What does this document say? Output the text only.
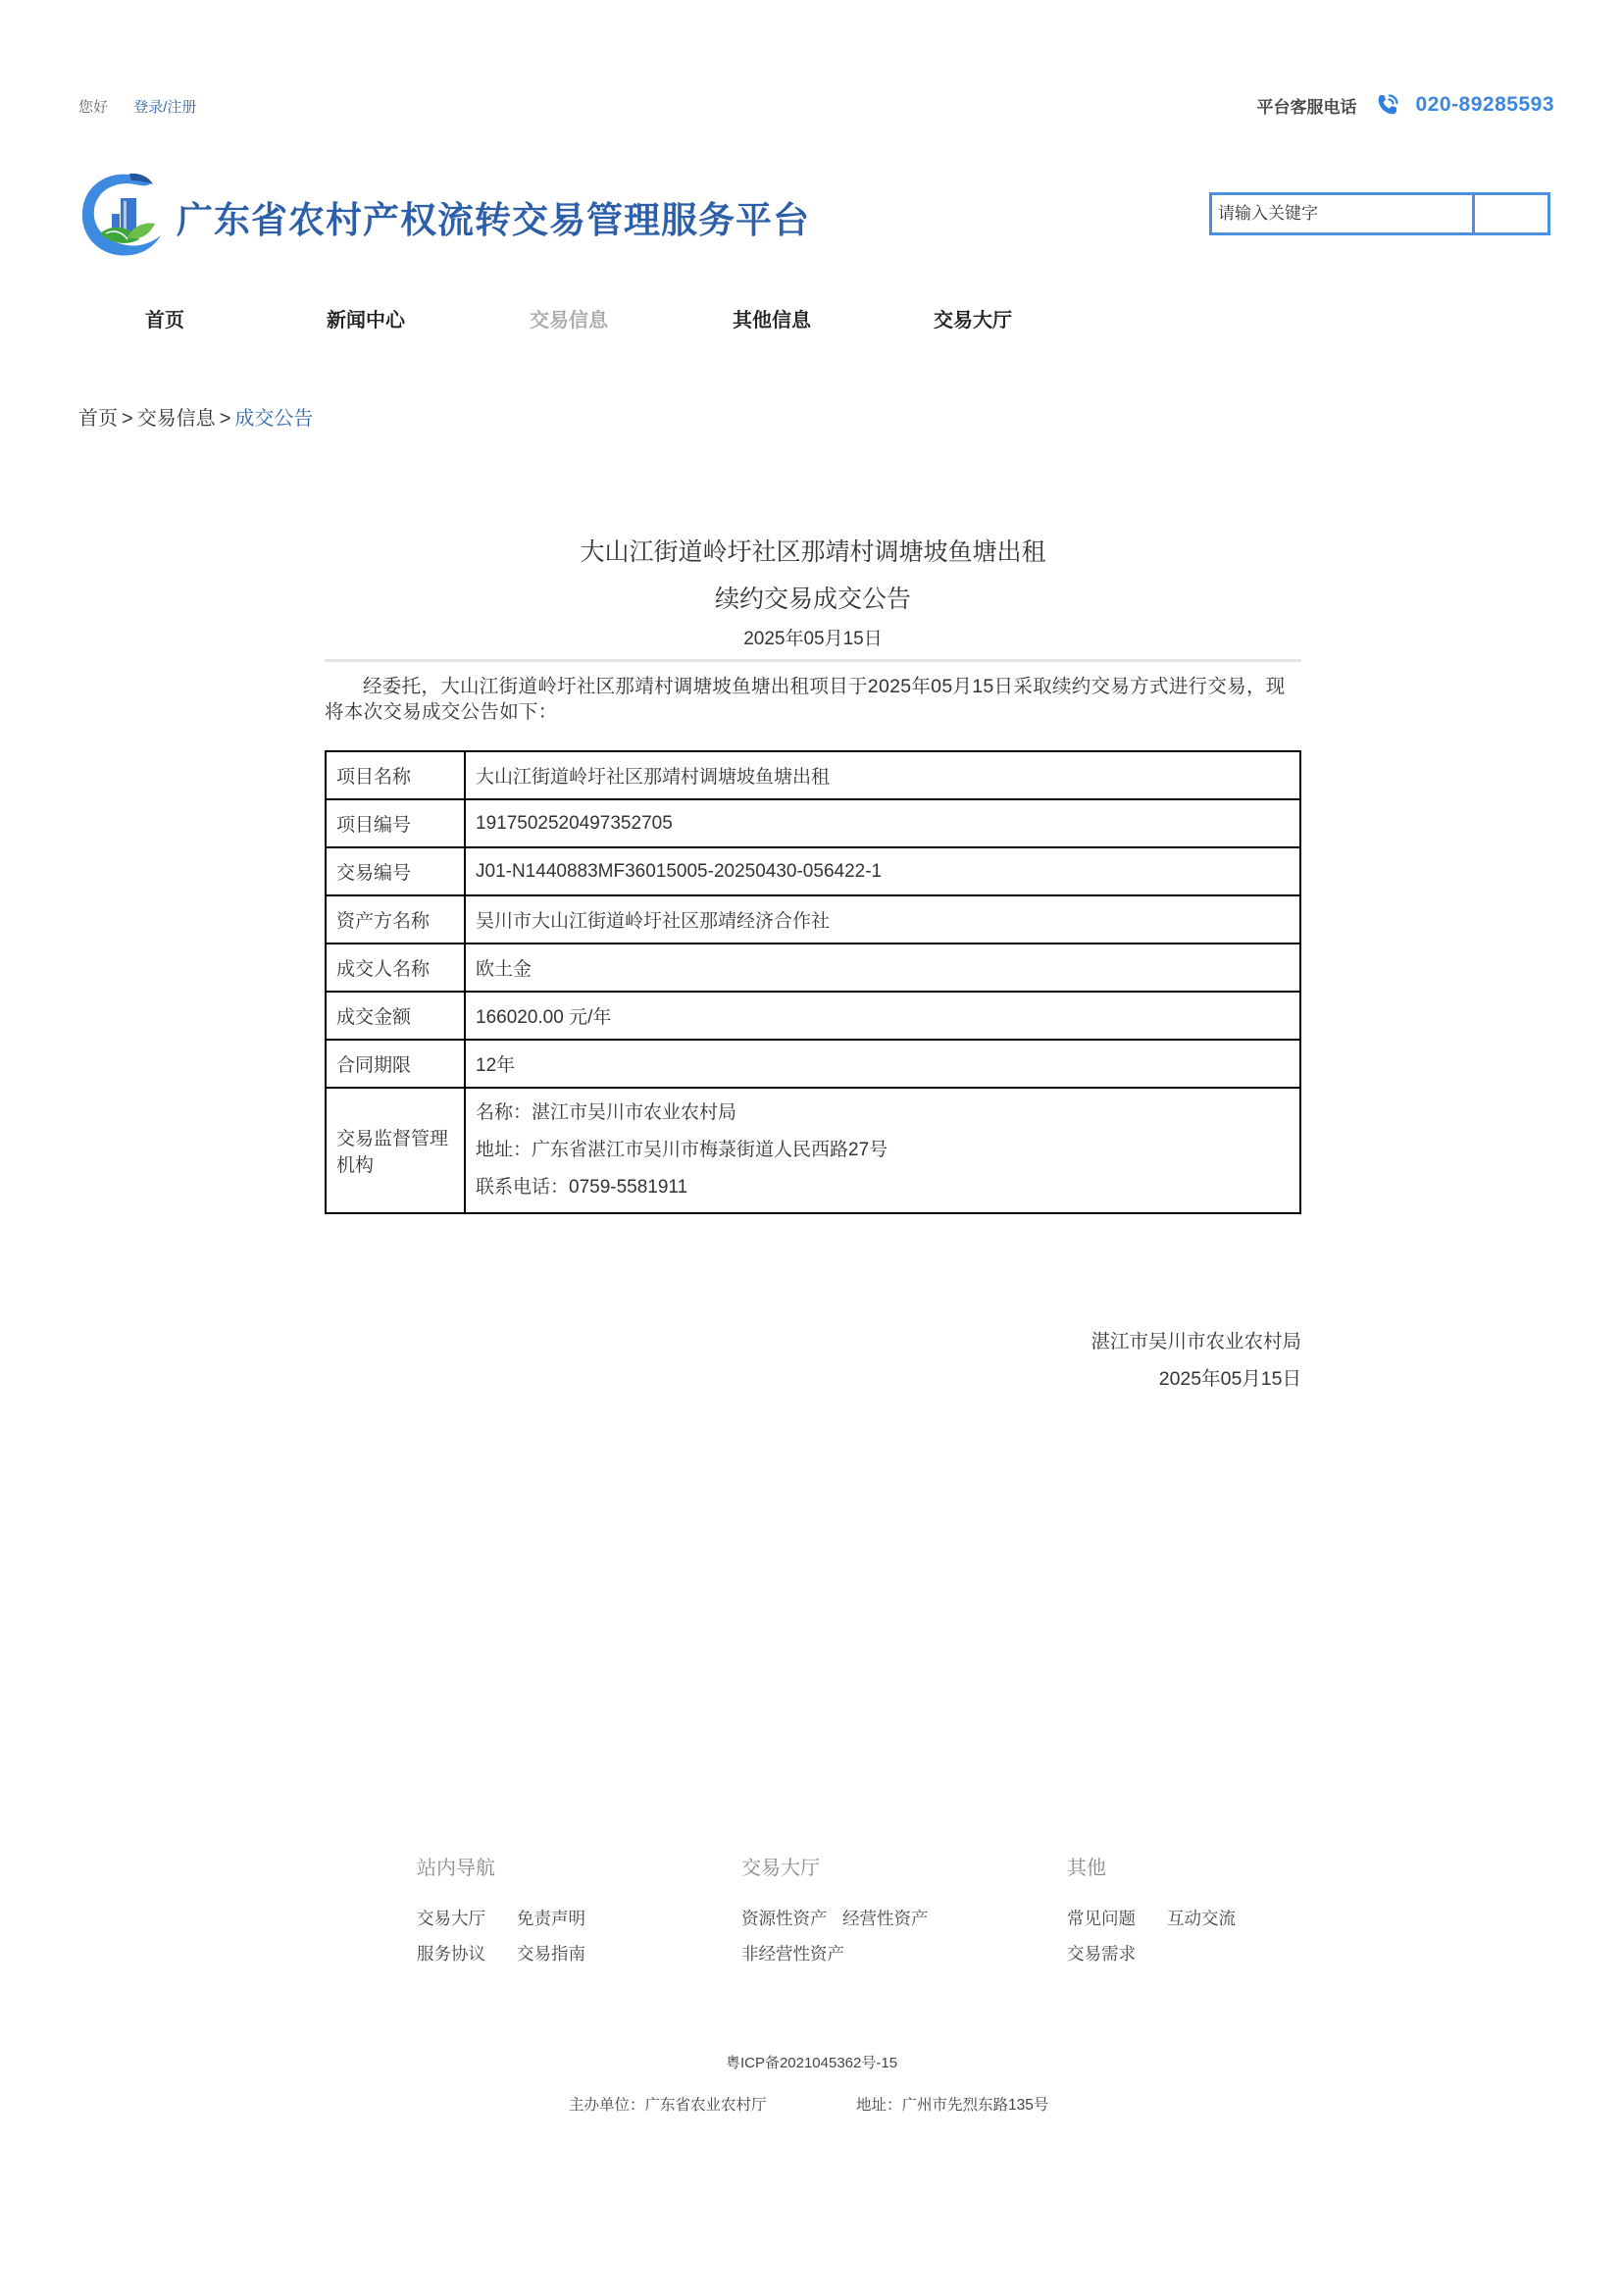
您好 登录/注册	平台客服电话	020-89285593
广东省农村产权流转交易管理服务平台
请输入关键字
首页	新闻中心	交易信息	其他信息	交易大厅
首页 > 交易信息 > 成交公告
大山江街道岭圩社区那靖村调塘坡鱼塘出租
续约交易成交公告
2025年05月15日
经委托，大山江街道岭圩社区那靖村调塘坡鱼塘出租项目于2025年05月15日采取续约交易方式进行交易，现将本次交易成交公告如下：
项目名称	大山江街道岭圩社区那靖村调塘坡鱼塘出租
项目编号	1917502520497352705
交易编号	J01-N1440883MF36015005-20250430-056422-1
资产方名称	吴川市大山江街道岭圩社区那靖经济合作社
成交人名称	欧土金
成交金额	166020.00 元/年
合同期限	12年
交易监督管理机构	名称：湛江市吴川市农业农村局
地址：广东省湛江市吴川市梅菉街道人民西路27号
联系电话：0759-5581911
湛江市吴川市农业农村局
2025年05月15日
站内导航
交易大厅 免责声明
服务协议 交易指南
交易大厅
资源性资产 经营性资产
非经营性资产
其他
常见问题 互动交流
交易需求
粤ICP备2021045362号-15
主办单位：广东省农业农村厅	地址：广州市先烈东路135号
